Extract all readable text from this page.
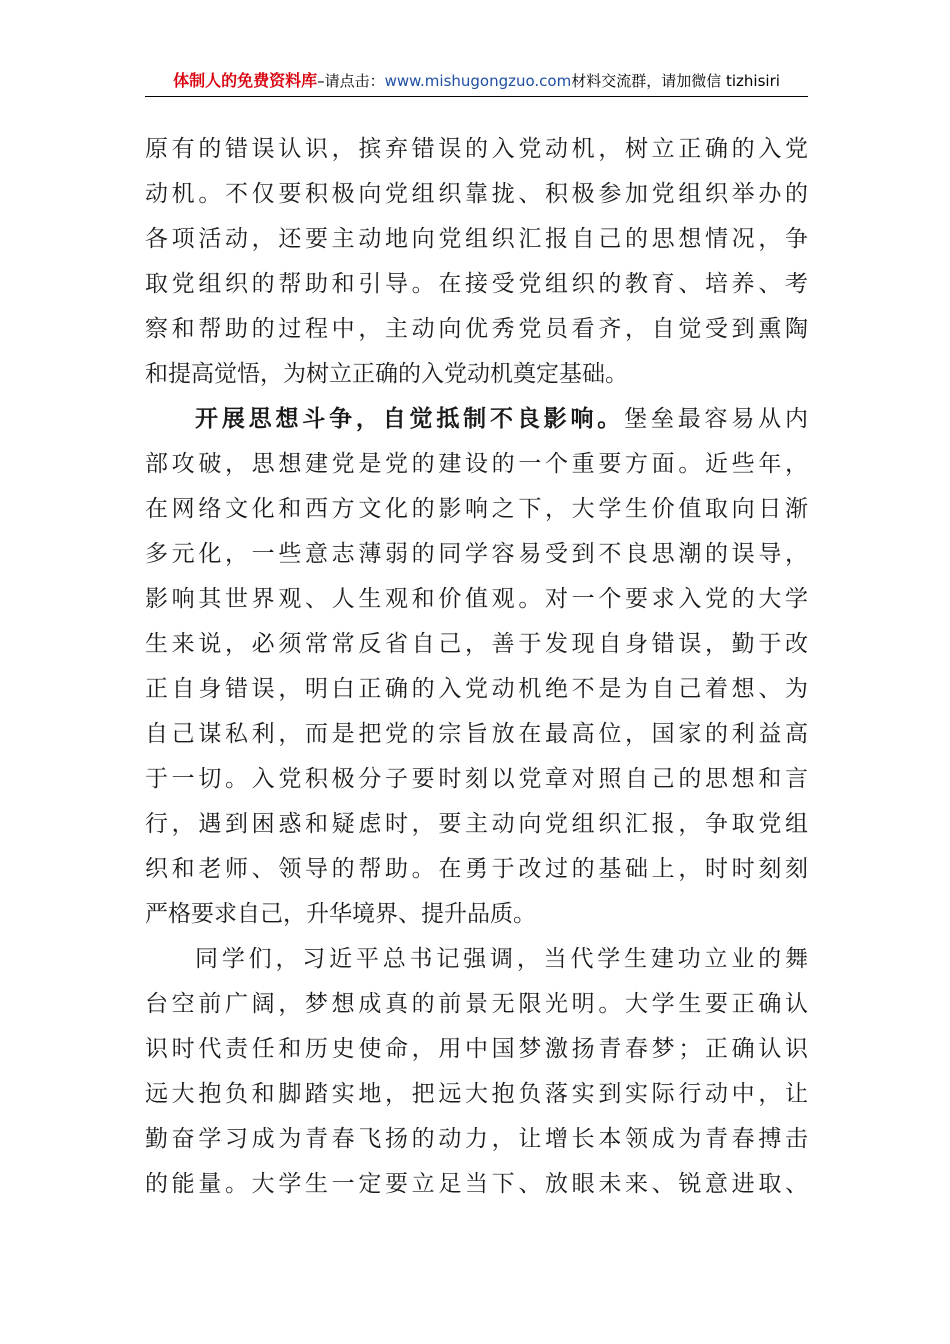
体制人的免费资料库–请点击：www.mishugongzuo.com材料交流群，请加微信 tizhisiri
原有的错误认识，摈弃错误的入党动机，树立正确的入党
动机。不仅要积极向党组织靠拢、积极参加党组织举办的
各项活动，还要主动地向党组织汇报自己的思想情况，争
取党组织的帮助和引导。在接受党组织的教育、培养、考
察和帮助的过程中，主动向优秀党员看齐，自觉受到熏陶
和提高觉悟，为树立正确的入党动机奠定基础。
开展思想斗争，自觉抵制不良影响。堡垒最容易从内
部攻破，思想建党是党的建设的一个重要方面。近些年，
在网络文化和西方文化的影响之下，大学生价值取向日渐
多元化，一些意志薄弱的同学容易受到不良思潮的误导，
影响其世界观、人生观和价值观。对一个要求入党的大学
生来说，必须常常反省自己，善于发现自身错误，勤于改
正自身错误，明白正确的入党动机绝不是为自己着想、为
自己谋私利，而是把党的宗旨放在最高位，国家的利益高
于一切。入党积极分子要时刻以党章对照自己的思想和言
行，遇到困惑和疑虑时，要主动向党组织汇报，争取党组
织和老师、领导的帮助。在勇于改过的基础上，时时刻刻
严格要求自己，升华境界、提升品质。
同学们，习近平总书记强调，当代学生建功立业的舞
台空前广阔，梦想成真的前景无限光明。大学生要正确认
识时代责任和历史使命，用中国梦激扬青春梦；正确认识
远大抱负和脚踏实地，把远大抱负落实到实际行动中，让
勤奋学习成为青春飞扬的动力，让增长本领成为青春搏击
的能量。大学生一定要立足当下、放眼未来、锐意进取、
